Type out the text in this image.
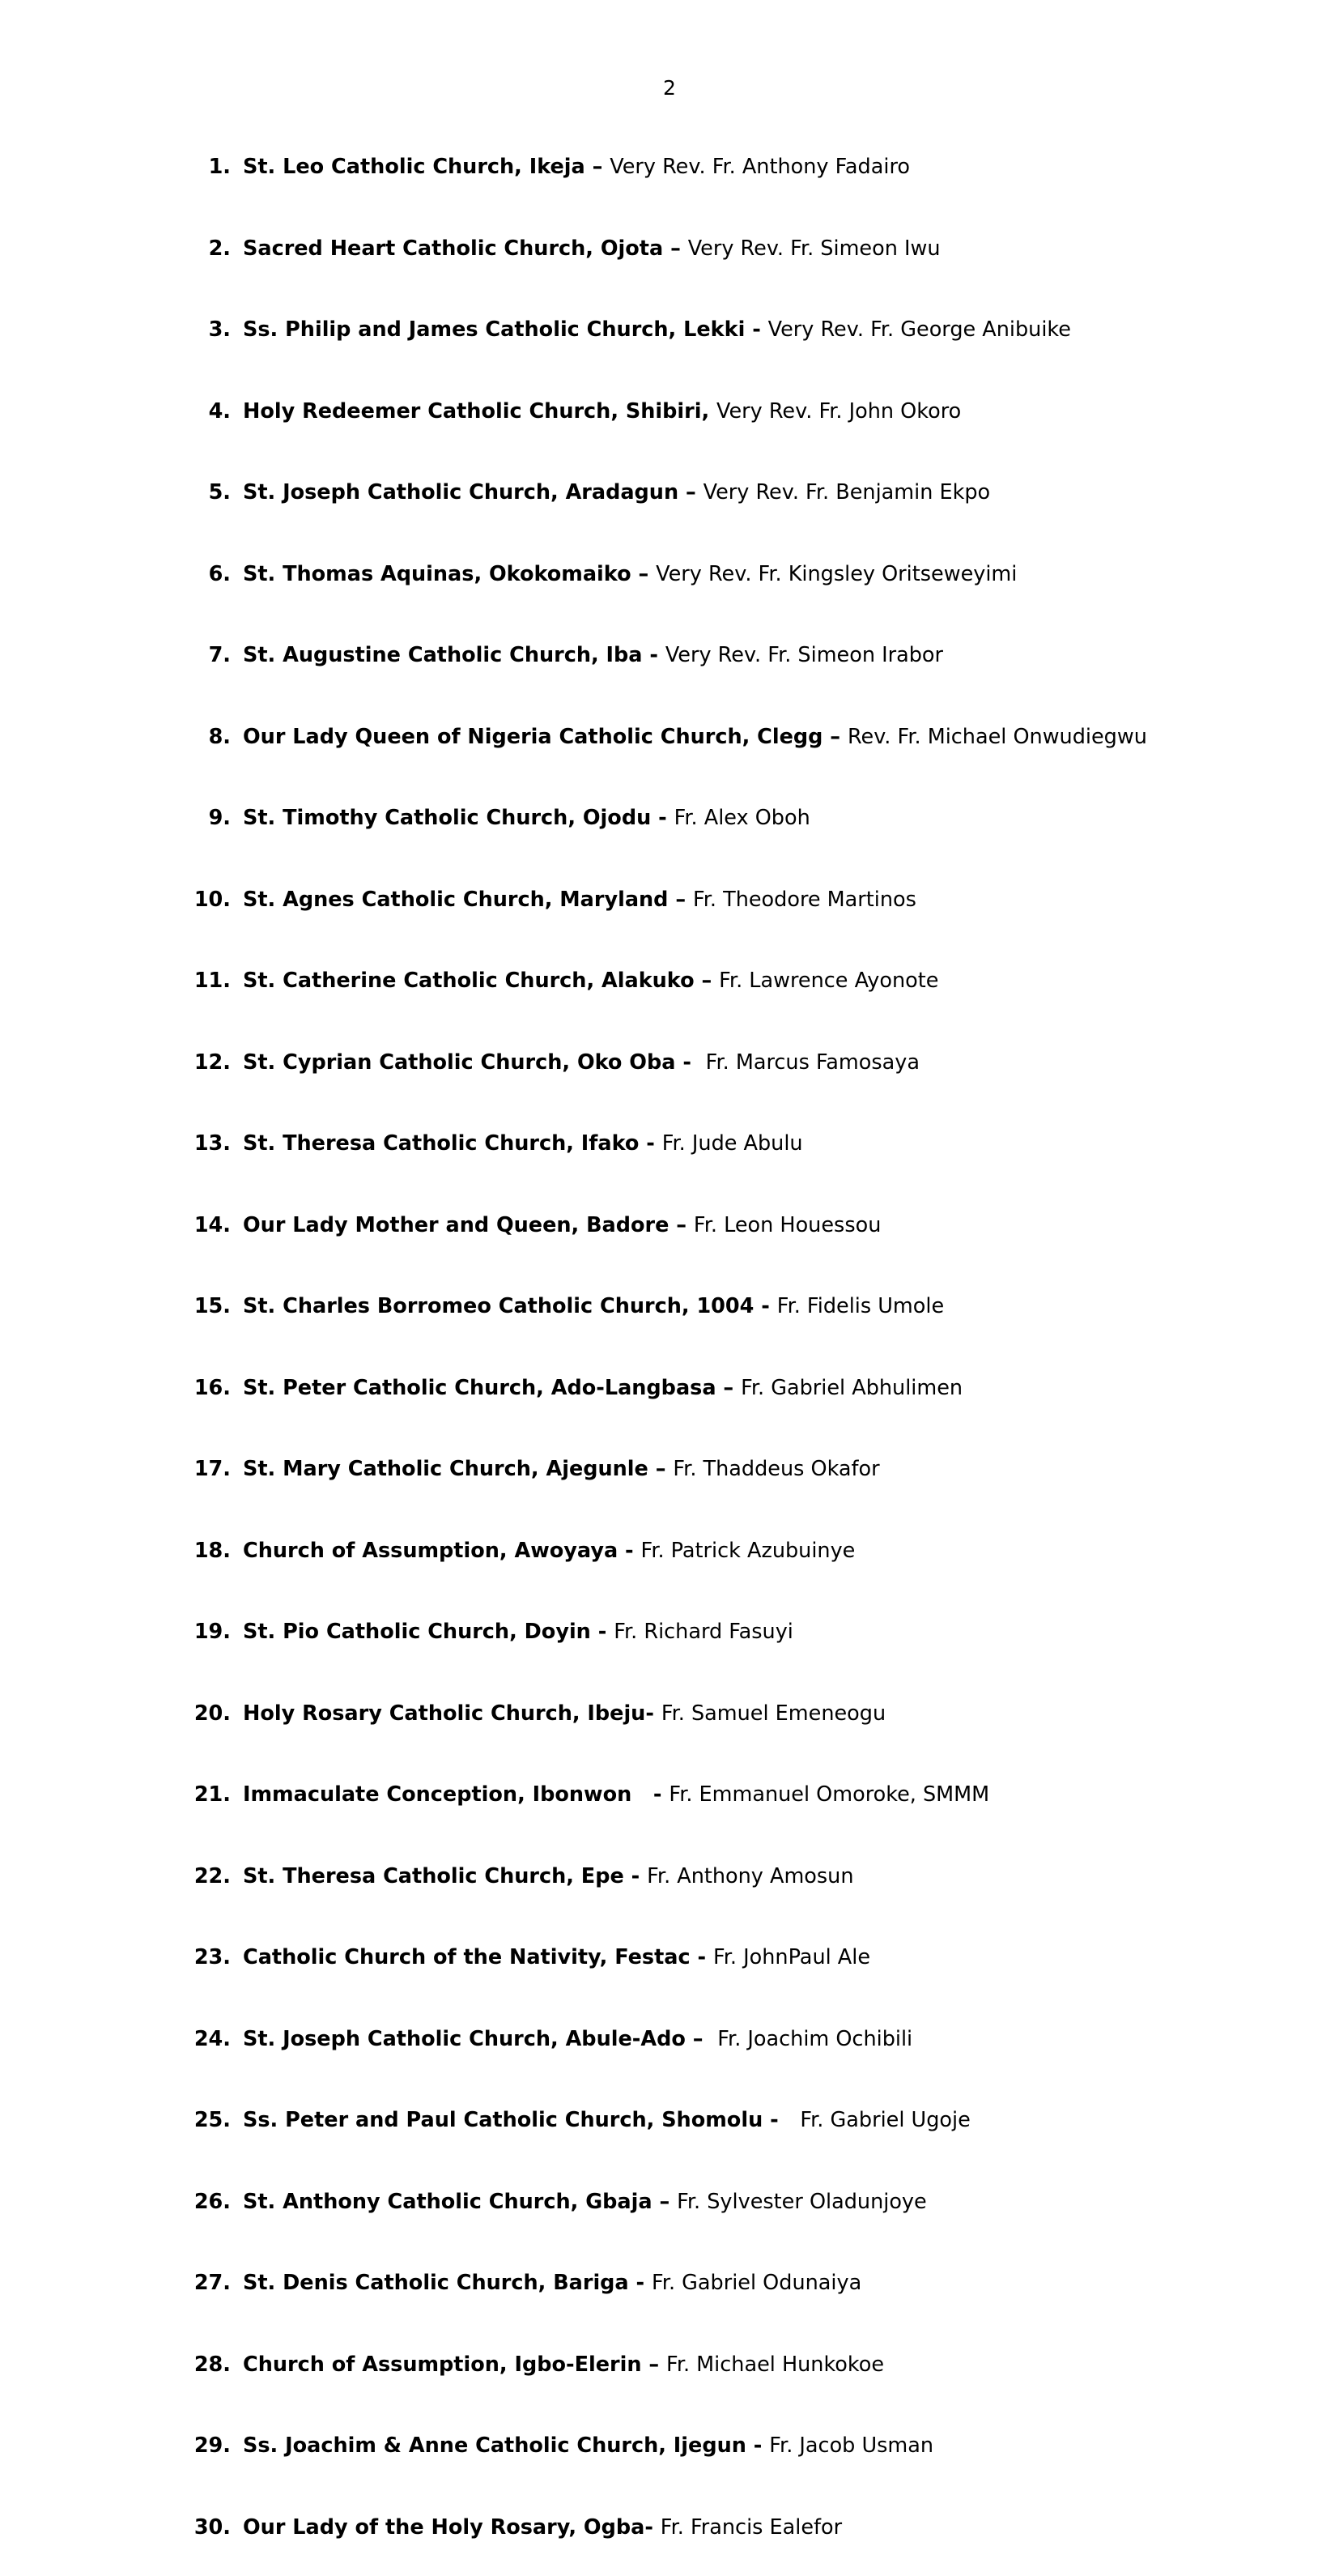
2
1. St. Leo Catholic Church, Ikeja – Very Rev. Fr. Anthony Fadairo
2. Sacred Heart Catholic Church, Ojota – Very Rev. Fr. Simeon Iwu
3. Ss. Philip and James Catholic Church, Lekki - Very Rev. Fr. George Anibuike
4. Holy Redeemer Catholic Church, Shibiri, Very Rev. Fr. John Okoro
5. St. Joseph Catholic Church, Aradagun – Very Rev. Fr. Benjamin Ekpo
6. St. Thomas Aquinas, Okokomaiko – Very Rev. Fr. Kingsley Oritseweyimi
7. St. Augustine Catholic Church, Iba - Very Rev. Fr. Simeon Irabor
8. Our Lady Queen of Nigeria Catholic Church, Clegg – Rev. Fr. Michael Onwudiegwu
9. St. Timothy Catholic Church, Ojodu - Fr. Alex Oboh
10. St. Agnes Catholic Church, Maryland – Fr. Theodore Martinos
11. St. Catherine Catholic Church, Alakuko – Fr. Lawrence Ayonote
12. St. Cyprian Catholic Church, Oko Oba -  Fr. Marcus Famosaya
13. St. Theresa Catholic Church, Ifako - Fr. Jude Abulu
14. Our Lady Mother and Queen, Badore – Fr. Leon Houessou
15. St. Charles Borromeo Catholic Church, 1004 - Fr. Fidelis Umole
16. St. Peter Catholic Church, Ado-Langbasa – Fr. Gabriel Abhulimen
17. St. Mary Catholic Church, Ajegunle – Fr. Thaddeus Okafor
18. Church of Assumption, Awoyaya - Fr. Patrick Azubuinye
19. St. Pio Catholic Church, Doyin - Fr. Richard Fasuyi
20. Holy Rosary Catholic Church, Ibeju- Fr. Samuel Emeneogu
21. Immaculate Conception, Ibonwon   - Fr. Emmanuel Omoroke, SMMM
22. St. Theresa Catholic Church, Epe - Fr. Anthony Amosun
23. Catholic Church of the Nativity, Festac - Fr. JohnPaul Ale
24. St. Joseph Catholic Church, Abule-Ado –  Fr. Joachim Ochibili
25. Ss. Peter and Paul Catholic Church, Shomolu -   Fr. Gabriel Ugoje
26. St. Anthony Catholic Church, Gbaja – Fr. Sylvester Oladunjoye
27. St. Denis Catholic Church, Bariga - Fr. Gabriel Odunaiya
28. Church of Assumption, Igbo-Elerin – Fr. Michael Hunkokoe
29. Ss. Joachim & Anne Catholic Church, Ijegun - Fr. Jacob Usman
30. Our Lady of the Holy Rosary, Ogba- Fr. Francis Ealefor
